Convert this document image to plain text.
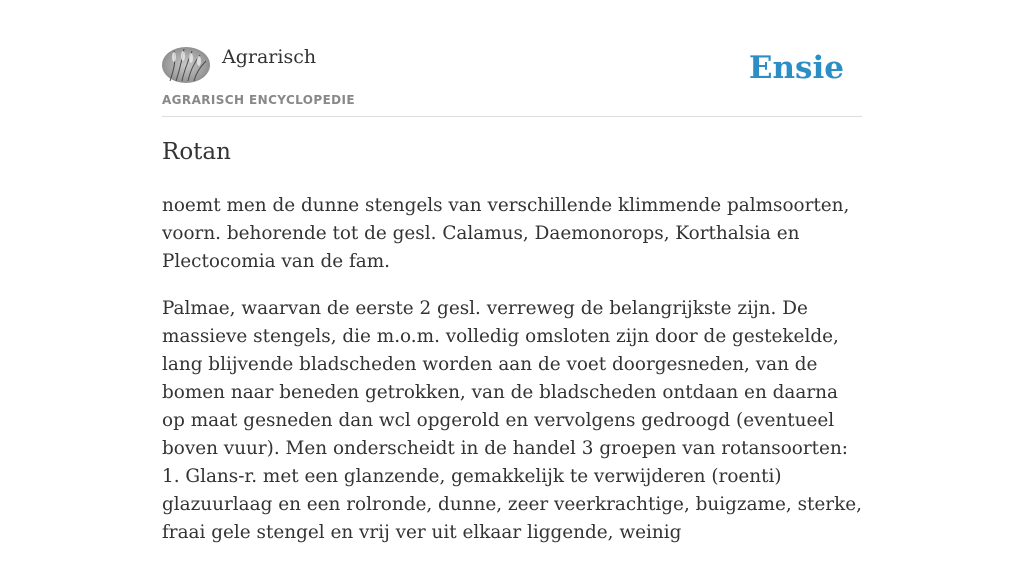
Agrarisch
AGRARISCH ENCYCLOPEDIE
Ensie
Rotan

noemt men de dunne stengels van verschillende klimmende palmsoorten, voorn. behorende tot de gesl. Calamus, Daemonorops, Korthalsia en Plectocomia van de fam.

Palmae, waarvan de eerste 2 gesl. verreweg de belangrijkste zijn. De massieve stengels, die m.o.m. volledig omsloten zijn door de gestekelde, lang blijvende bladscheden worden aan de voet doorgesneden, van de bomen naar beneden getrokken, van de bladscheden ontdaan en daarna op maat gesneden dan wcl opgerold en vervolgens gedroogd (eventueel boven vuur). Men onderscheidt in de handel 3 groepen van rotansoorten: 1. Glans-r. met een glanzende, gemakkelijk te verwijderen (roenti) glazuurlaag en een rolronde, dunne, zeer veerkrachtige, buigzame, sterke, fraai gele stengel en vrij ver uit elkaar liggende, weinig
